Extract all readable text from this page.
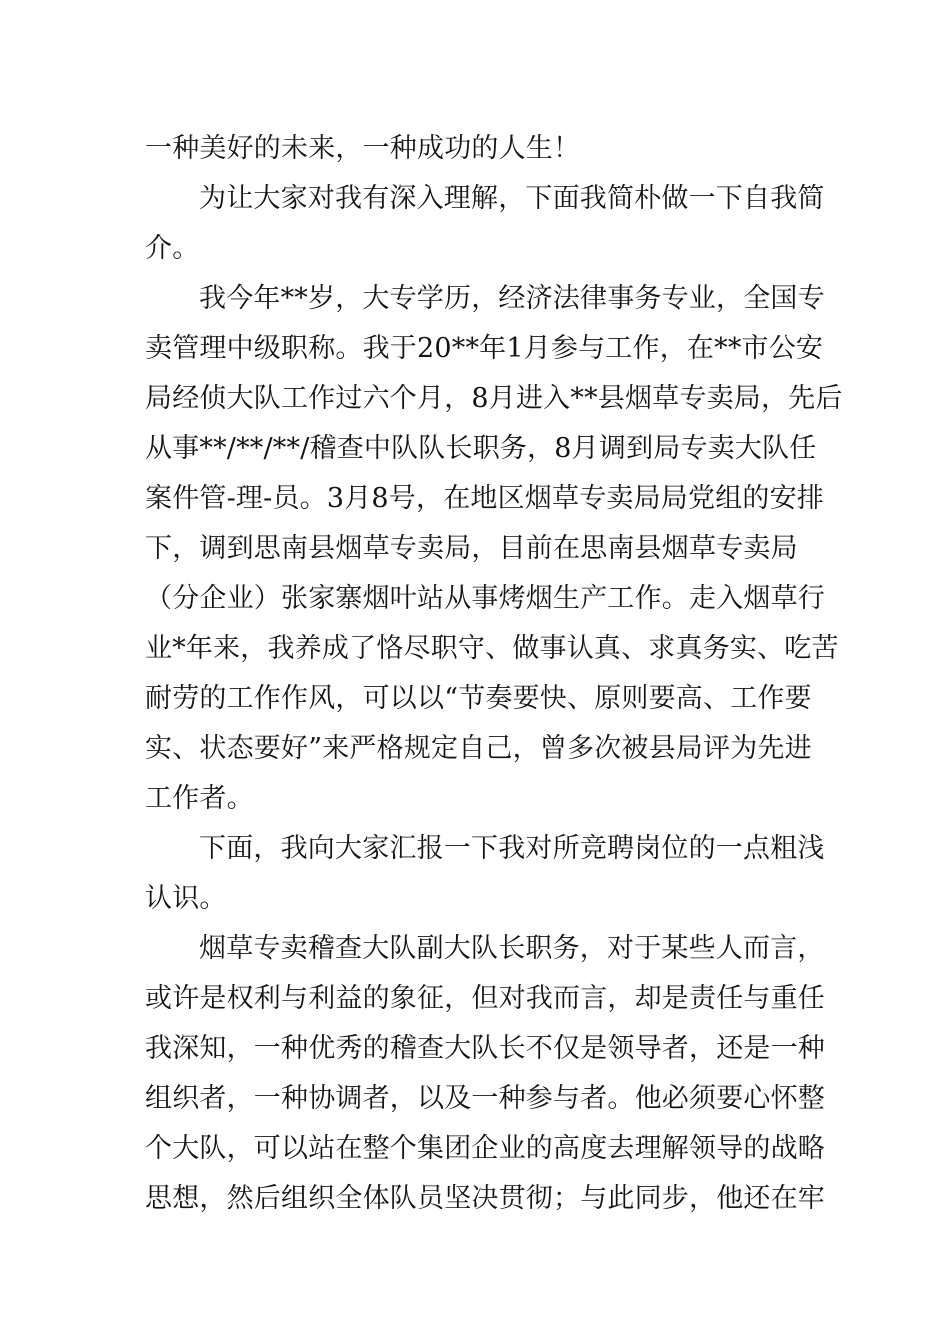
一种美好的未来，一种成功的人生！
为让大家对我有深入理解，下面我简朴做一下自我简
介。
我今年**岁，大专学历，经济法律事务专业，全国专
卖管理中级职称。我于20**年1月参与工作，在**市公安
局经侦大队工作过六个月，8月进入**县烟草专卖局，先后
从事**/**/**/稽查中队队长职务，8月调到局专卖大队任
案件管-理-员。3月8号，在地区烟草专卖局局党组的安排
下，调到思南县烟草专卖局，目前在思南县烟草专卖局
（分企业）张家寨烟叶站从事烤烟生产工作。走入烟草行
业*年来，我养成了恪尽职守、做事认真、求真务实、吃苦
耐劳的工作作风，可以以“节奏要快、原则要高、工作要
实、状态要好”来严格规定自己，曾多次被县局评为先进
工作者。
下面，我向大家汇报一下我对所竞聘岗位的一点粗浅
认识。
烟草专卖稽查大队副大队长职务，对于某些人而言，
或许是权利与利益的象征，但对我而言，却是责任与重任
我深知，一种优秀的稽查大队长不仅是领导者，还是一种
组织者，一种协调者，以及一种参与者。他必须要心怀整
个大队，可以站在整个集团企业的高度去理解领导的战略
思想，然后组织全体队员坚决贯彻；与此同步，他还在牢
